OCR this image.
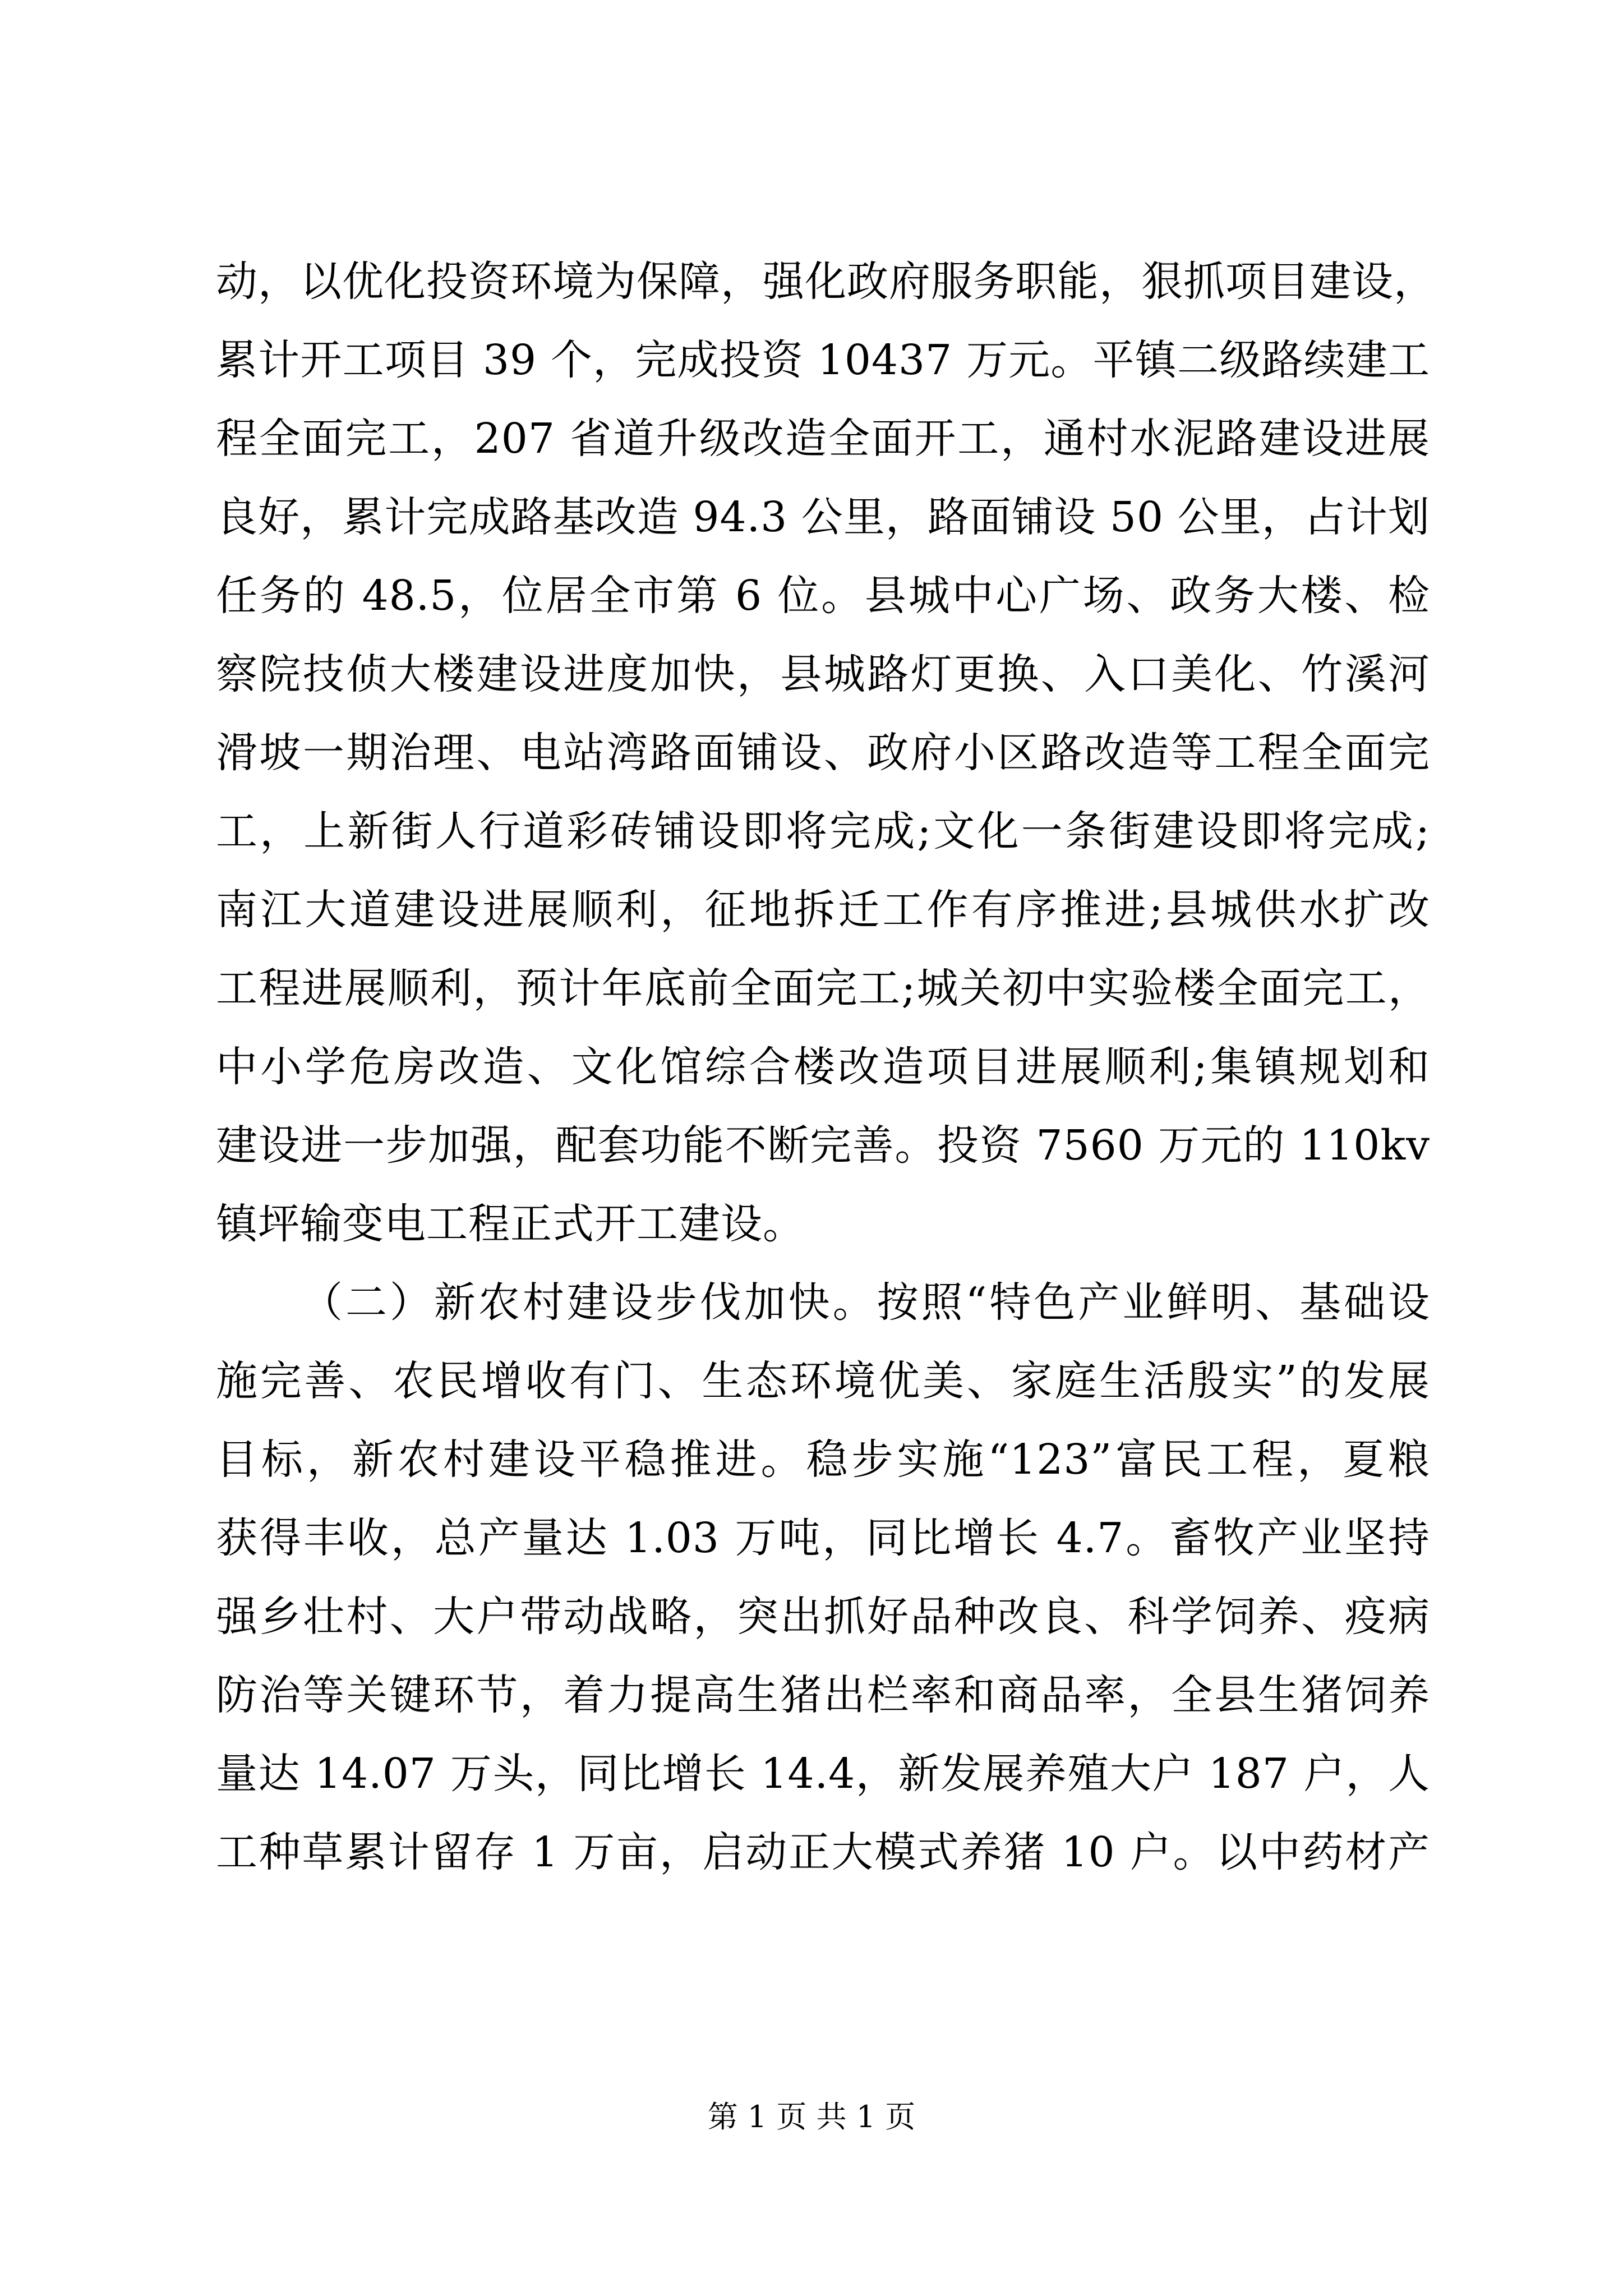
动，以优化投资环境为保障，强化政府服务职能，狠抓项目建设，
累计开工项目 39 个，完成投资 10437 万元。平镇二级路续建工
程全面完工，207 省道升级改造全面开工，通村水泥路建设进展
良好，累计完成路基改造 94.3 公里，路面铺设 50 公里，占计划
任务的 48.5，位居全市第 6 位。县城中心广场、政务大楼、检
察院技侦大楼建设进度加快，县城路灯更换、入口美化、竹溪河
滑坡一期治理、电站湾路面铺设、政府小区路改造等工程全面完
工，上新街人行道彩砖铺设即将完成;文化一条街建设即将完成;
南江大道建设进展顺利，征地拆迁工作有序推进;县城供水扩改
工程进展顺利，预计年底前全面完工;城关初中实验楼全面完工，
中小学危房改造、文化馆综合楼改造项目进展顺利;集镇规划和
建设进一步加强，配套功能不断完善。投资 7560 万元的 110kv
镇坪输变电工程正式开工建设。
（二）新农村建设步伐加快。按照“特色产业鲜明、基础设
施完善、农民增收有门、生态环境优美、家庭生活殷实”的发展
目标，新农村建设平稳推进。稳步实施“123”富民工程，夏粮
获得丰收，总产量达 1.03 万吨，同比增长 4.7。畜牧产业坚持
强乡壮村、大户带动战略，突出抓好品种改良、科学饲养、疫病
防治等关键环节，着力提高生猪出栏率和商品率，全县生猪饲养
量达 14.07 万头，同比增长 14.4，新发展养殖大户 187 户，人
工种草累计留存 1 万亩，启动正大模式养猪 10 户。以中药材产
第 1 页 共 1 页
